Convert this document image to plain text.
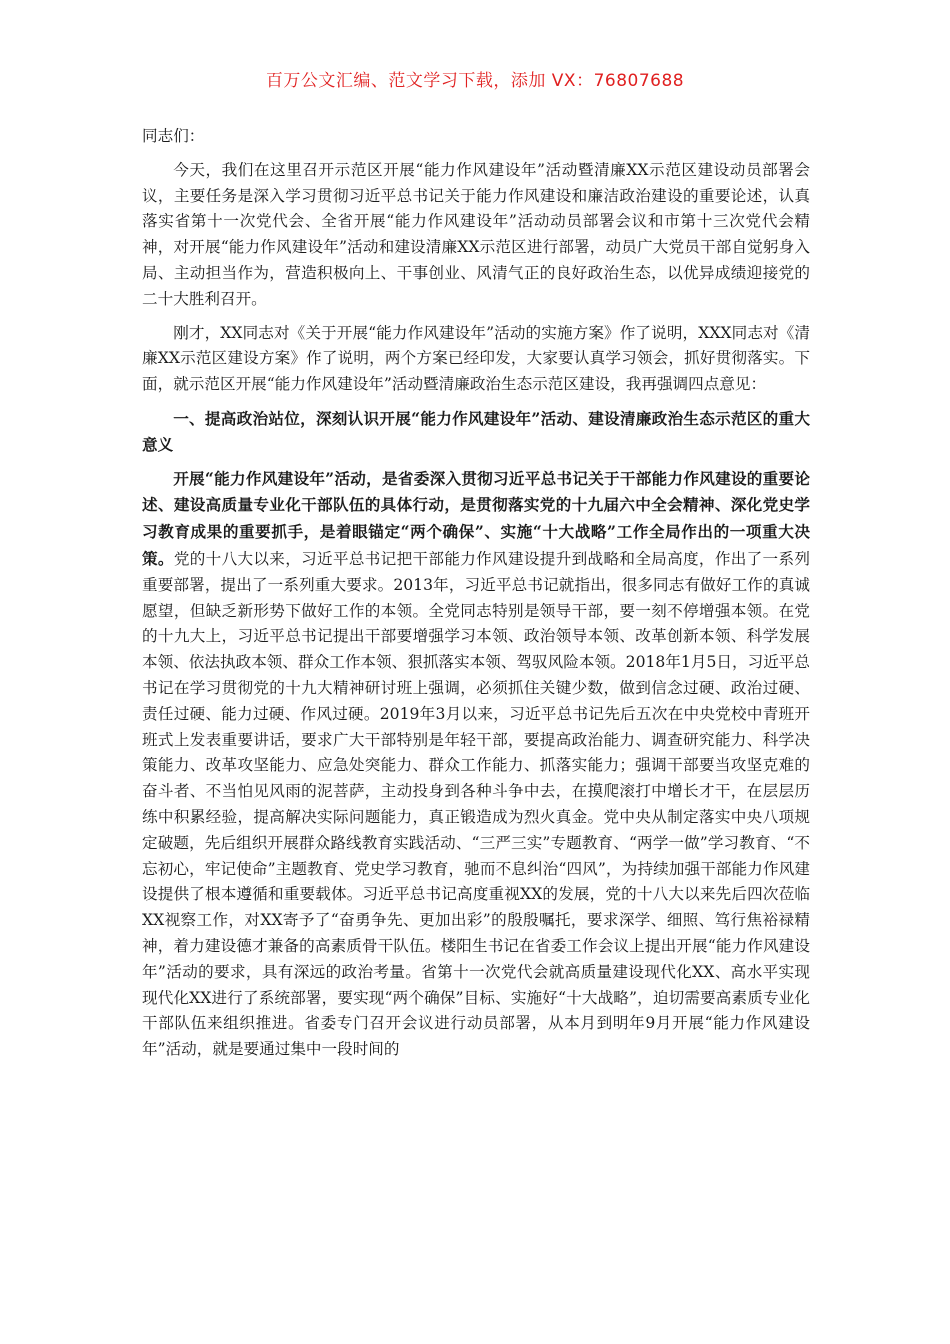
百万公文汇编、范文学习下载，添加 VX：76807688

同志们：

今天，我们在这里召开示范区开展“能力作风建设年”活动暨清廉XX示范区建设动员部署会议，主要任务是深入学习贯彻习近平总书记关于能力作风建设和廉洁政治建设的重要论述，认真落实省第十一次党代会、全省开展“能力作风建设年”活动动员部署会议和市第十三次党代会精神，对开展“能力作风建设年”活动和建设清廉XX示范区进行部署，动员广大党员干部自觉躬身入局、主动担当作为，营造积极向上、干事创业、风清气正的良好政治生态，以优异成绩迎接党的二十大胜利召开。

刚才，XX同志对《关于开展“能力作风建设年”活动的实施方案》作了说明，XXX同志对《清廉XX示范区建设方案》作了说明，两个方案已经印发，大家要认真学习领会，抓好贯彻落实。下面，就示范区开展“能力作风建设年”活动暨清廉政治生态示范区建设，我再强调四点意见：

一、提高政治站位，深刻认识开展“能力作风建设年”活动、建设清廉政治生态示范区的重大意义

开展“能力作风建设年”活动，是省委深入贯彻习近平总书记关于干部能力作风建设的重要论述、建设高质量专业化干部队伍的具体行动，是贯彻落实党的十九届六中全会精神、深化党史学习教育成果的重要抓手，是着眼锚定“两个确保”、实施“十大战略”工作全局作出的一项重大决策。党的十八大以来，习近平总书记把干部能力作风建设提升到战略和全局高度，作出了一系列重要部署，提出了一系列重大要求。2013年，习近平总书记就指出，很多同志有做好工作的真诚愿望，但缺乏新形势下做好工作的本领。全党同志特别是领导干部，要一刻不停增强本领。在党的十九大上，习近平总书记提出干部要增强学习本领、政治领导本领、改革创新本领、科学发展本领、依法执政本领、群众工作本领、狠抓落实本领、驾驭风险本领。2018年1月5日，习近平总书记在学习贯彻党的十九大精神研讨班上强调，必须抓住关键少数，做到信念过硬、政治过硬、责任过硬、能力过硬、作风过硬。2019年3月以来，习近平总书记先后五次在中央党校中青班开班式上发表重要讲话，要求广大干部特别是年轻干部，要提高政治能力、调查研究能力、科学决策能力、改革攻坚能力、应急处突能力、群众工作能力、抓落实能力；强调干部要当攻坚克难的奋斗者、不当怕见风雨的泥菩萨，主动投身到各种斗争中去，在摸爬滚打中增长才干，在层层历练中积累经验，提高解决实际问题能力，真正锻造成为烈火真金。党中央从制定落实中央八项规定破题，先后组织开展群众路线教育实践活动、“三严三实”专题教育、“两学一做”学习教育、“不忘初心，牢记使命”主题教育、党史学习教育，驰而不息纠治“四风”，为持续加强干部能力作风建设提供了根本遵循和重要载体。习近平总书记高度重视XX的发展，党的十八大以来先后四次莅临XX视察工作，对XX寄予了“奋勇争先、更加出彩”的殷殷嘱托，要求深学、细照、笃行焦裕禄精神，着力建设德才兼备的高素质骨干队伍。楼阳生书记在省委工作会议上提出开展“能力作风建设年”活动的要求，具有深远的政治考量。省第十一次党代会就高质量建设现代化XX、高水平实现现代化XX进行了系统部署，要实现“两个确保”目标、实施好“十大战略”，迫切需要高素质专业化干部队伍来组织推进。省委专门召开会议进行动员部署，从本月到明年9月开展“能力作风建设年”活动，就是要通过集中一段时间的
